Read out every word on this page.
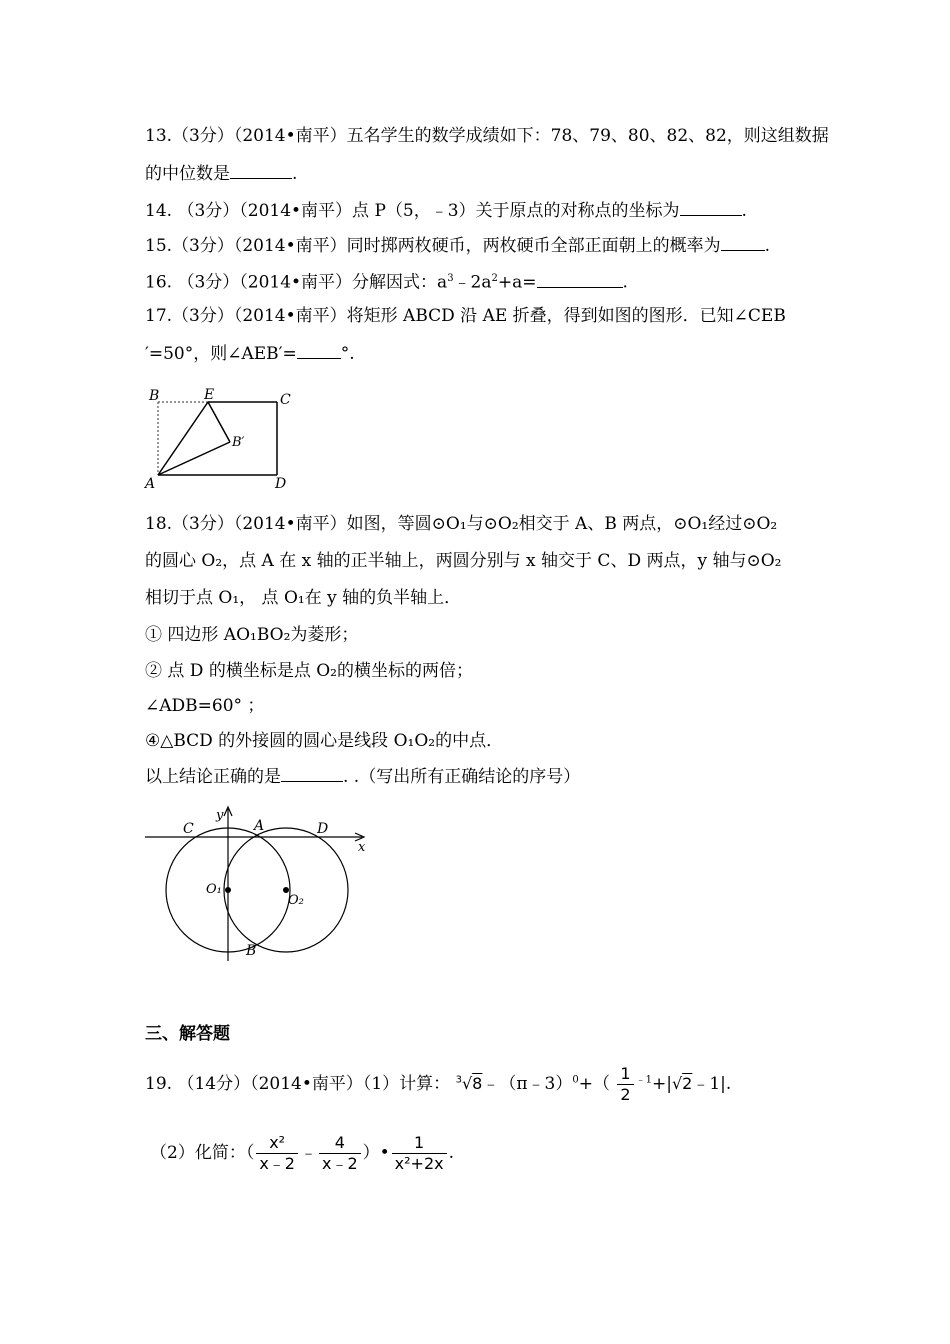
13.（3分）（2014•南平）五名学生的数学成绩如下：78、79、80、82、82，则这组数据
的中位数是	.
14. （3分）（2014•南平）点 P（5，﹣3）关于原点的对称点的坐标为	.
15.（3分）（2014•南平）同时掷两枚硬币，两枚硬币全部正面朝上的概率为	.
16. （3分）（2014•南平）分解因式：$a^3﹣2a^2+a=$	.
17.（3分）（2014•南平）将矩形 ABCD 沿 AE 折叠，得到如图的图形．已知∠CEB
′=50°，则∠AEB′=	°.
B	E	C
B′
A	D
18.（3分）（2014•南平）如图，等圆⊙O₁与⊙O₂相交于 A、B 两点，⊙O₁经过⊙O₂
的圆心 O₂，点 A 在 x 轴的正半轴上，两圆分别与 x 轴交于 C、D 两点，y 轴与⊙O₂
相切于点 O₁， 点 O₁在 y 轴的负半轴上．
① 四边形 AO₁BO₂为菱形；
② 点 D 的横坐标是点 O₂的横坐标的两倍；
∠ADB=60° ；
④△BCD 的外接圆的圆心是线段 O₁O₂的中点．
以上结论正确的是	. .（写出所有正确结论的序号）
y
x
C	A	D
O₁
O₂
B
三、解答题
19. （14分）（2014•南平）（1）计算： $^3$√8﹣（π﹣3）$^0$+（ $\frac{1}{2}$ $^{﹣1}$+|√2﹣1|.
（2）化简：（ $\frac{\text{x²}}{x﹣2}$ ﹣ $\frac{4}{x﹣2}$ ）• $\frac{1}{\text{x²+2x}}$ .
